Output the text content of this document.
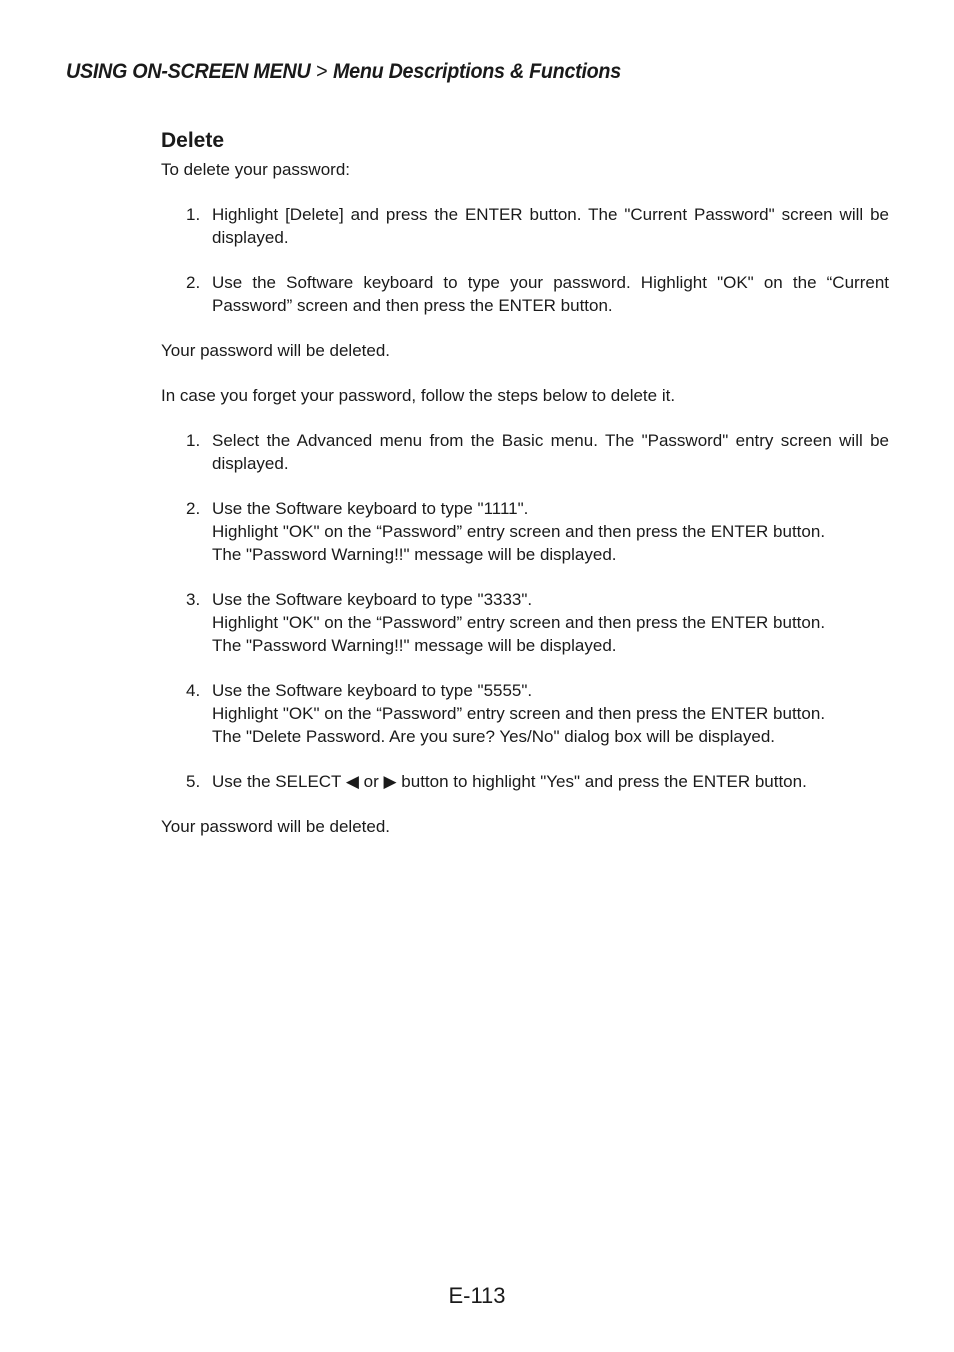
USING ON-SCREEN MENU > Menu Descriptions & Functions
Delete

To delete your password:

1. Highlight [Delete] and press the ENTER button. The "Current Password" screen will be displayed.
2. Use the Software keyboard to type your password. Highlight "OK" on the “Current Password” screen and then press the ENTER button.

Your password will be deleted.

In case you forget your password, follow the steps below to delete it.

1. Select the Advanced menu from the Basic menu. The "Password" entry screen will be displayed.
2. Use the Software keyboard to type "1111".
Highlight "OK" on the “Password” entry screen and then press the ENTER button.
The "Password Warning!!" message will be displayed.
3. Use the Software keyboard to type "3333".
Highlight "OK" on the “Password” entry screen and then press the ENTER button.
The "Password Warning!!" message will be displayed.
4. Use the Software keyboard to type "5555".
Highlight "OK" on the “Password” entry screen and then press the ENTER button.
The "Delete Password. Are you sure? Yes/No" dialog box will be displayed.
5. Use the SELECT ◀ or ▶ button to highlight "Yes" and press the ENTER button.

Your password will be deleted.

E-113
